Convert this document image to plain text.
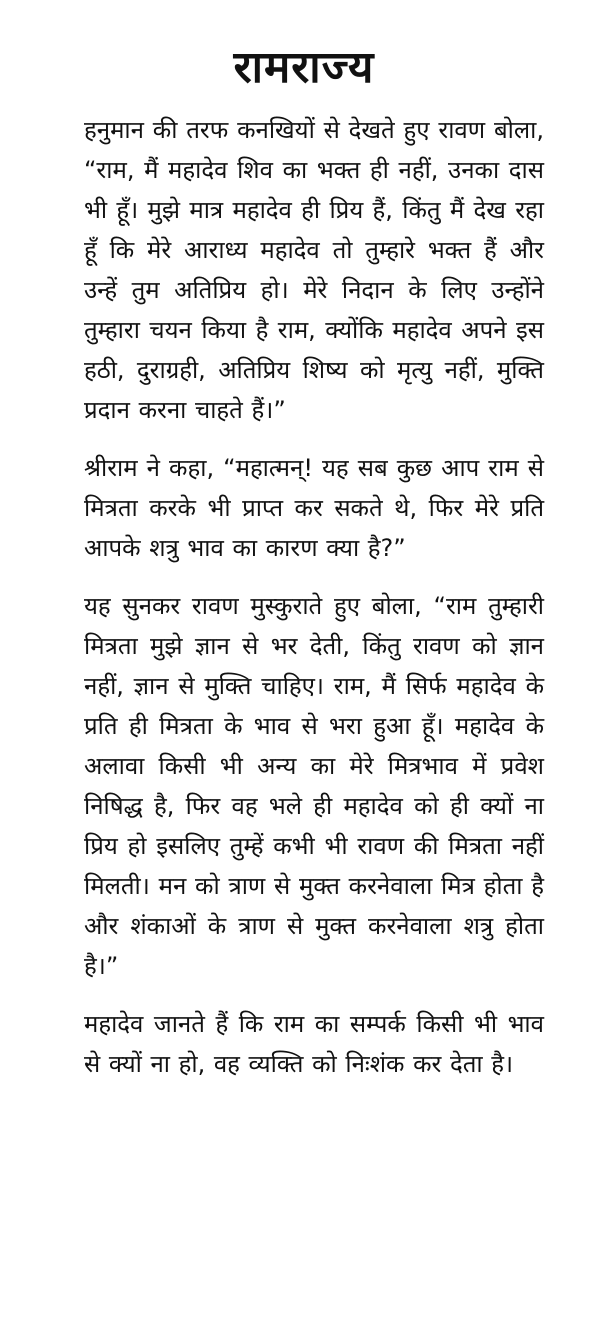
रामराज्य

हनुमान की तरफ कनखियों से देखते हुए रावण बोला, “राम, मैं महादेव शिव का भक्त ही नहीं, उनका दास भी हूँ। मुझे मात्र महादेव ही प्रिय हैं, किंतु मैं देख रहा हूँ कि मेरे आराध्य महादेव तो तुम्हारे भक्त हैं और उन्हें तुम अतिप्रिय हो। मेरे निदान के लिए उन्होंने तुम्हारा चयन किया है राम, क्योंकि महादेव अपने इस हठी, दुराग्रही, अतिप्रिय शिष्य को मृत्यु नहीं, मुक्ति प्रदान करना चाहते हैं।”

श्रीराम ने कहा, “महात्मन्! यह सब कुछ आप राम से मित्रता करके भी प्राप्त कर सकते थे, फिर मेरे प्रति आपके शत्रु भाव का कारण क्या है?”

यह सुनकर रावण मुस्कुराते हुए बोला, “राम तुम्हारी मित्रता मुझे ज्ञान से भर देती, किंतु रावण को ज्ञान नहीं, ज्ञान से मुक्ति चाहिए। राम, मैं सिर्फ महादेव के प्रति ही मित्रता के भाव से भरा हुआ हूँ। महादेव के अलावा किसी भी अन्य का मेरे मित्रभाव में प्रवेश निषिद्ध है, फिर वह भले ही महादेव को ही क्यों ना प्रिय हो इसलिए तुम्हें कभी भी रावण की मित्रता नहीं मिलती। मन को त्राण से मुक्त करनेवाला मित्र होता है और शंकाओं के त्राण से मुक्त करनेवाला शत्रु होता है।”

महादेव जानते हैं कि राम का सम्पर्क किसी भी भाव से क्यों ना हो, वह व्यक्ति को निःशंक कर देता है।
